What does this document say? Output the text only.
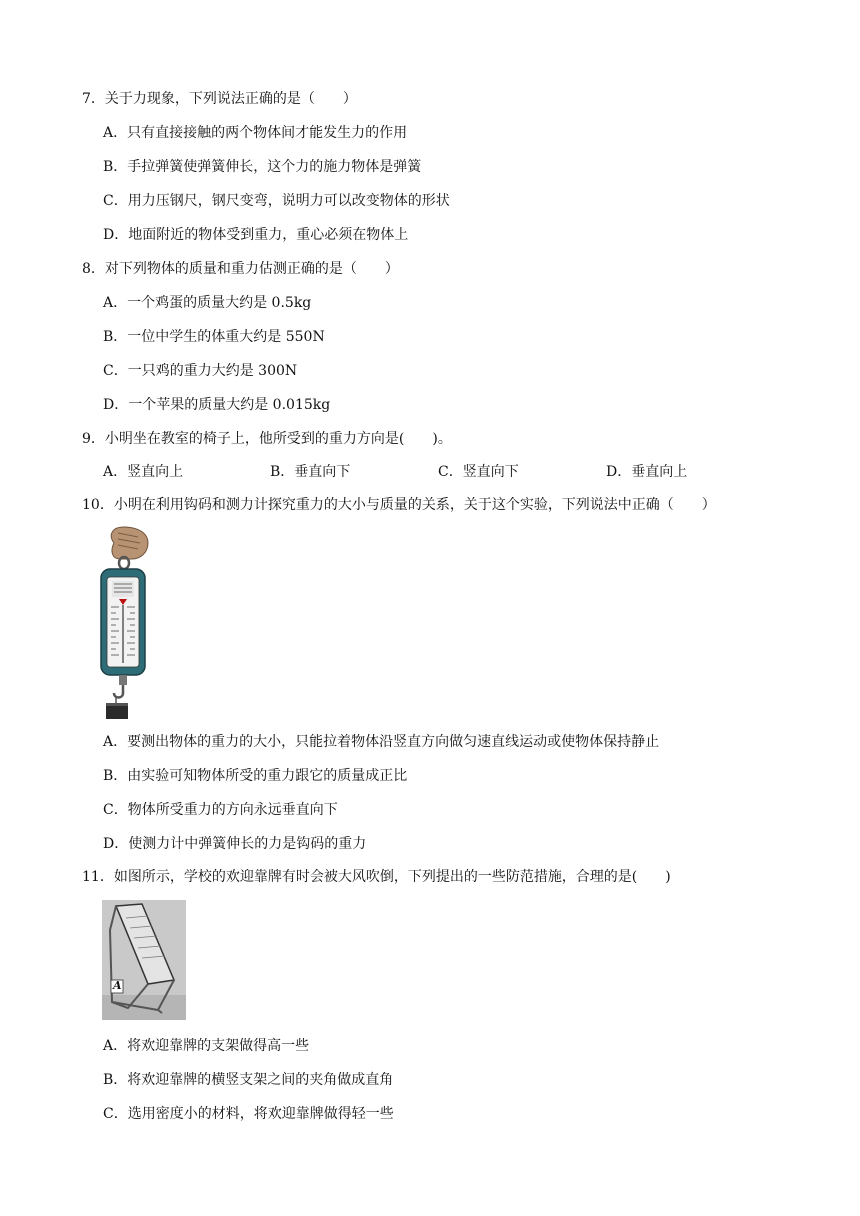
7．关于力现象，下列说法正确的是（　　）
A．只有直接接触的两个物体间才能发生力的作用
B．手拉弹簧使弹簧伸长，这个力的施力物体是弹簧
C．用力压钢尺，钢尺变弯，说明力可以改变物体的形状
D．地面附近的物体受到重力，重心必须在物体上
8．对下列物体的质量和重力估测正确的是（　　）
A．一个鸡蛋的质量大约是 0.5kg
B．一位中学生的体重大约是 550N
C．一只鸡的重力大约是 300N
D．一个苹果的质量大约是 0.015kg
9．小明坐在教室的椅子上，他所受到的重力方向是(　　)。
A．竖直向上	B．垂直向下	C．竖直向下	D．垂直向上
10．小明在利用钩码和测力计探究重力的大小与质量的关系，关于这个实验，下列说法中正确（　　）
A．要测出物体的重力的大小，只能拉着物体沿竖直方向做匀速直线运动或使物体保持静止
B．由实验可知物体所受的重力跟它的质量成正比
C．物体所受重力的方向永远垂直向下
D．使测力计中弹簧伸长的力是钩码的重力
11．如图所示，学校的欢迎靠牌有时会被大风吹倒，下列提出的一些防范措施，合理的是(　　)
A
A．将欢迎靠牌的支架做得高一些
B．将欢迎靠牌的横竖支架之间的夹角做成直角
C．选用密度小的材料，将欢迎靠牌做得轻一些
